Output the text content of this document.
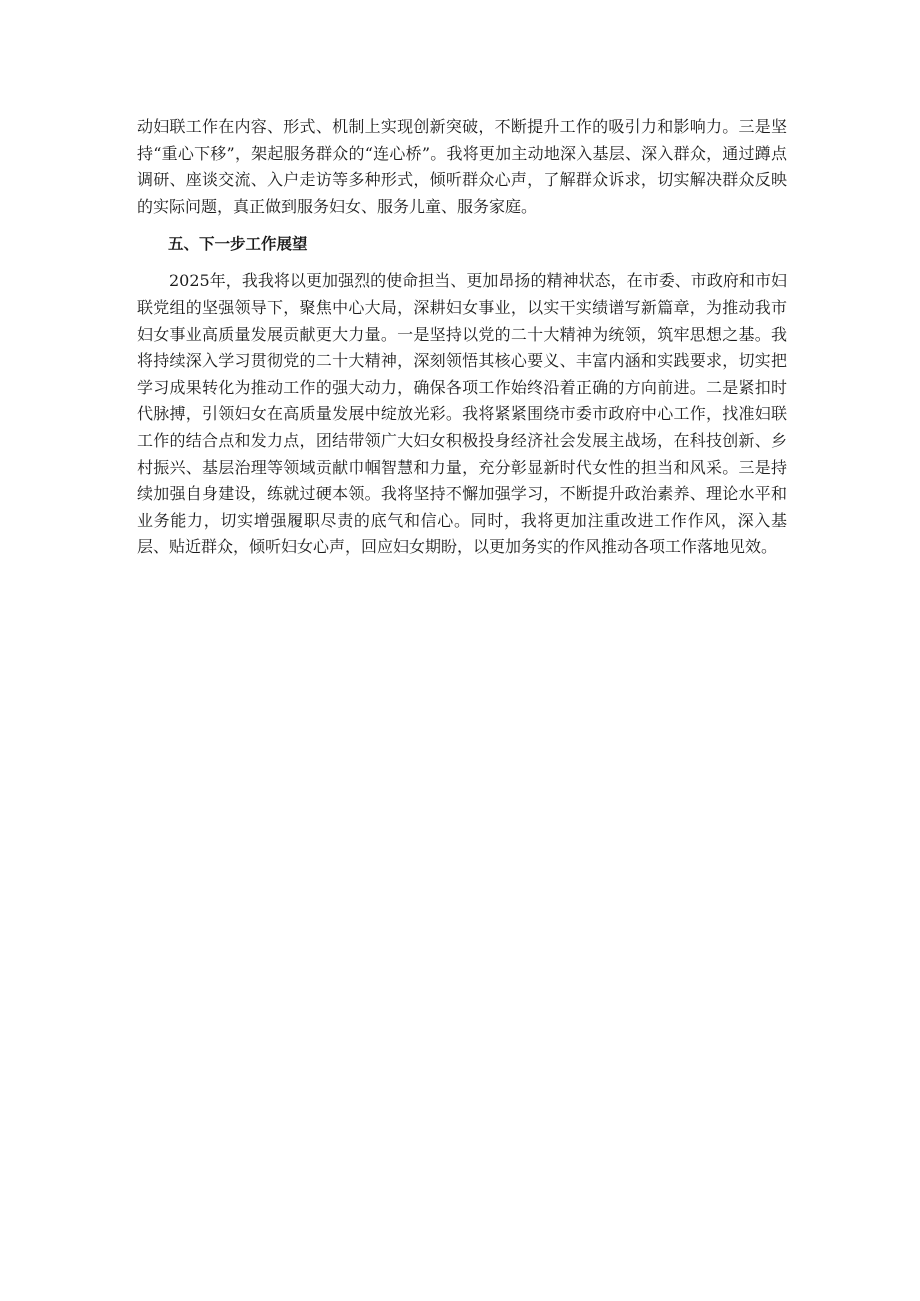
动妇联工作在内容、形式、机制上实现创新突破，不断提升工作的吸引力和影响力。三是坚持“重心下移”，架起服务群众的“连心桥”。我将更加主动地深入基层、深入群众，通过蹲点调研、座谈交流、入户走访等多种形式，倾听群众心声，了解群众诉求，切实解决群众反映的实际问题，真正做到服务妇女、服务儿童、服务家庭。

五、下一步工作展望

2025年，我我将以更加强烈的使命担当、更加昂扬的精神状态，在市委、市政府和市妇联党组的坚强领导下，聚焦中心大局，深耕妇女事业，以实干实绩谱写新篇章，为推动我市妇女事业高质量发展贡献更大力量。一是坚持以党的二十大精神为统领，筑牢思想之基。我将持续深入学习贯彻党的二十大精神，深刻领悟其核心要义、丰富内涵和实践要求，切实把学习成果转化为推动工作的强大动力，确保各项工作始终沿着正确的方向前进。二是紧扣时代脉搏，引领妇女在高质量发展中绽放光彩。我将紧紧围绕市委市政府中心工作，找准妇联工作的结合点和发力点，团结带领广大妇女积极投身经济社会发展主战场，在科技创新、乡村振兴、基层治理等领域贡献巾帼智慧和力量，充分彰显新时代女性的担当和风采。三是持续加强自身建设，练就过硬本领。我将坚持不懈加强学习，不断提升政治素养、理论水平和业务能力，切实增强履职尽责的底气和信心。同时，我将更加注重改进工作作风，深入基层、贴近群众，倾听妇女心声，回应妇女期盼，以更加务实的作风推动各项工作落地见效。
